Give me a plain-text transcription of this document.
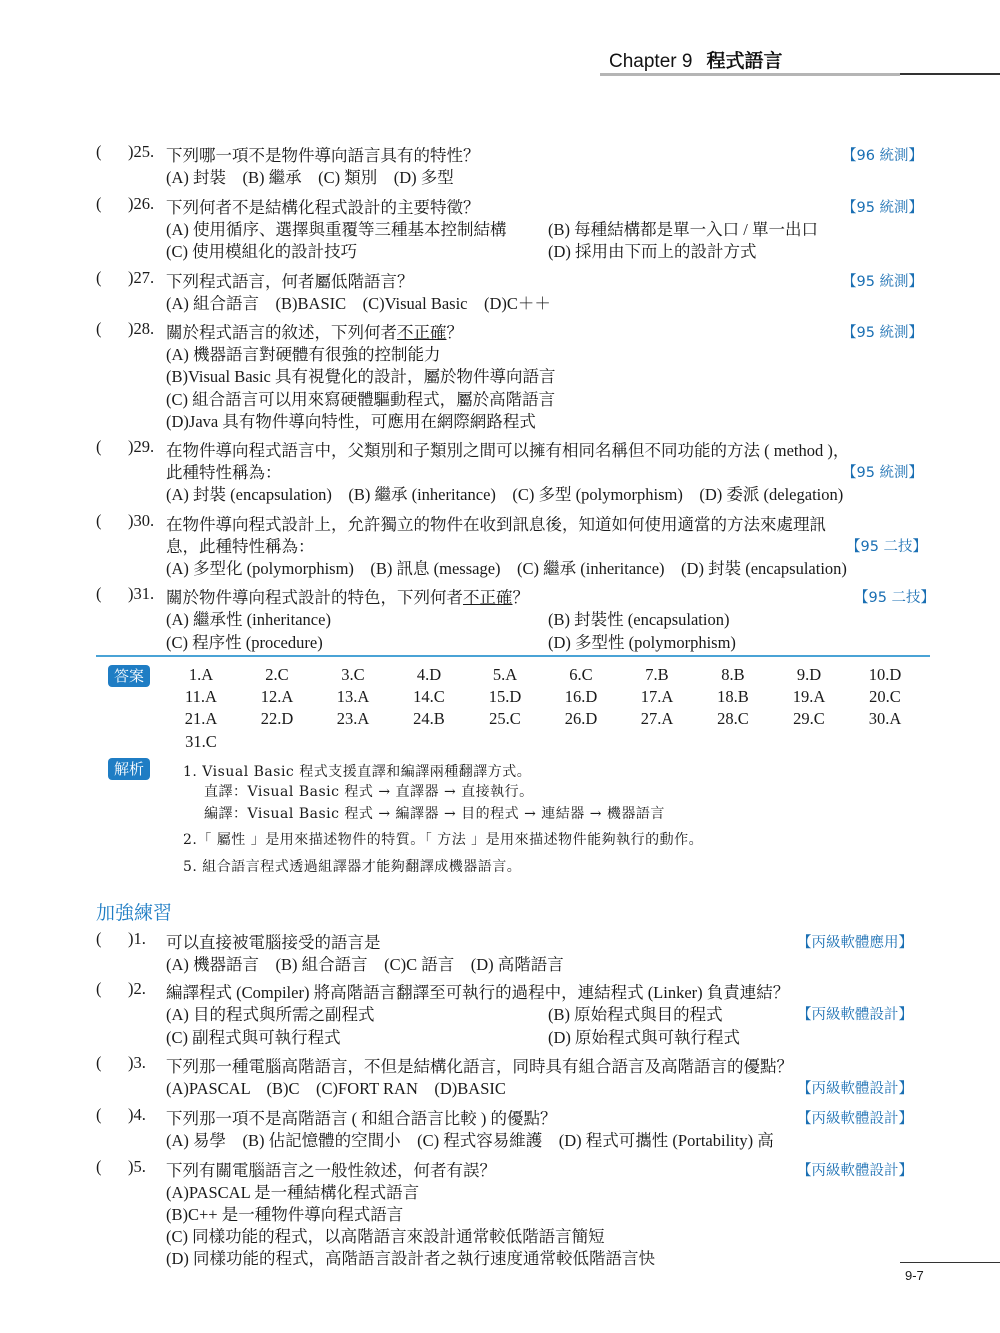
Chapter 9 程式語言
( )25. 下列哪一項不是物件導向語言具有的特性？	【96 統測】
(A) 封裝　(B) 繼承　(C) 類別　(D) 多型
( )26. 下列何者不是結構化程式設計的主要特徵？	【95 統測】
(A) 使用循序、選擇與重覆等三種基本控制結構	(B) 每種結構都是單一入口 / 單一出口
(C) 使用模組化的設計技巧	(D) 採用由下而上的設計方式
( )27. 下列程式語言，何者屬低階語言？	【95 統測】
(A) 組合語言　(B)BASIC　(C)Visual Basic　(D)C＋＋
( )28. 關於程式語言的敘述，下列何者不正確？	【95 統測】
(A) 機器語言對硬體有很強的控制能力
(B)Visual Basic 具有視覺化的設計，屬於物件導向語言
(C) 組合語言可以用來寫硬體驅動程式，屬於高階語言
(D)Java 具有物件導向特性，可應用在網際網路程式
( )29. 在物件導向程式語言中，父類別和子類別之間可以擁有相同名稱但不同功能的方法 ( method )，
此種特性稱為：	【95 統測】
(A) 封裝 (encapsulation)　(B) 繼承 (inheritance)　(C) 多型 (polymorphism)　(D) 委派 (delegation)
( )30. 在物件導向程式設計上，允許獨立的物件在收到訊息後，知道如何使用適當的方法來處理訊
息，此種特性稱為：	【95 二技】
(A) 多型化 (polymorphism)　(B) 訊息 (message)　(C) 繼承 (inheritance)　(D) 封裝 (encapsulation)
( )31. 關於物件導向程式設計的特色，下列何者不正確？	【95 二技】
(A) 繼承性 (inheritance)	(B) 封裝性 (encapsulation)
(C) 程序性 (procedure)	(D) 多型性 (polymorphism)
答案	1.A	2.C	3.C	4.D	5.A	6.C	7.B	8.B	9.D	10.D
11.A	12.A	13.A	14.C	15.D	16.D	17.A	18.B	19.A	20.C
21.A	22.D	23.A	24.B	25.C	26.D	27.A	28.C	29.C	30.A
31.C
解析	1. Visual Basic 程式支援直譯和編譯兩種翻譯方式。
直譯：Visual Basic 程式 → 直譯器 → 直接執行。
編譯：Visual Basic 程式 → 編譯器 → 目的程式 → 連結器 → 機器語言
2.「 屬性 」是用來描述物件的特質。「 方法 」是用來描述物件能夠執行的動作。
5. 組合語言程式透過組譯器才能夠翻譯成機器語言。
加強練習
( )1. 可以直接被電腦接受的語言是	【丙級軟體應用】
(A) 機器語言　(B) 組合語言　(C)C 語言　(D) 高階語言
( )2. 編譯程式 (Compiler) 將高階語言翻譯至可執行的過程中，連結程式 (Linker) 負責連結？
(A) 目的程式與所需之副程式	(B) 原始程式與目的程式	【丙級軟體設計】
(C) 副程式與可執行程式	(D) 原始程式與可執行程式
( )3. 下列那一種電腦高階語言，不但是結構化語言，同時具有組合語言及高階語言的優點？
(A)PASCAL　(B)C　(C)FORT RAN　(D)BASIC	【丙級軟體設計】
( )4. 下列那一項不是高階語言 ( 和組合語言比較 ) 的優點？	【丙級軟體設計】
(A) 易學　(B) 佔記憶體的空間小　(C) 程式容易維護　(D) 程式可攜性 (Portability) 高
( )5. 下列有關電腦語言之一般性敘述，何者有誤？	【丙級軟體設計】
(A)PASCAL 是一種結構化程式語言
(B)C++ 是一種物件導向程式語言
(C) 同樣功能的程式，以高階語言來設計通常較低階語言簡短
(D) 同樣功能的程式，高階語言設計者之執行速度通常較低階語言快
9-7
